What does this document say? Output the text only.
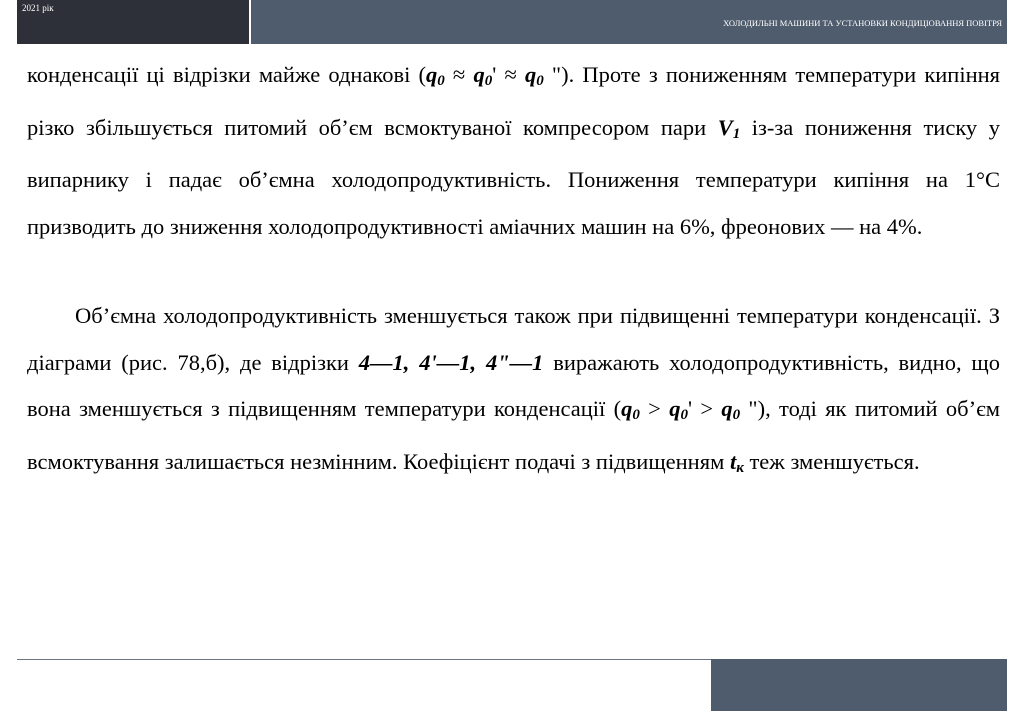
2021 рік
ХОЛОДИЛЬНІ МАШИНИ ТА УСТАНОВКИ КОНДИЦІОВАННЯ ПОВІТРЯ

конденсації ці відрізки майже однакові ($q_0 \approx q_0' \approx q_0$ "). Проте з пониженням температури кипіння різко збільшується питомий об’єм всмоктуваної компресором пари $V_1$ із-за пониження тиску у випарнику і падає об’ємна холодопродуктивність. Пониження температури кипіння на 1°С призводить до зниження холодопродуктивності аміачних машин на 6%, фреонових — на 4%.

Об’ємна холодопродуктивність зменшується також при підвищенні температури конденсації. З діаграми (рис. 78,б), де відрізки 4—1, 4'—1, 4"—1 виражають холодопродуктивність, видно, що вона зменшується з підвищенням температури конденсації ($q_0 > q_0' > q_0$ "), тоді як питомий об’єм всмоктування залишається незмінним. Коефіцієнт подачі з підвищенням $t_к$ теж зменшується.
